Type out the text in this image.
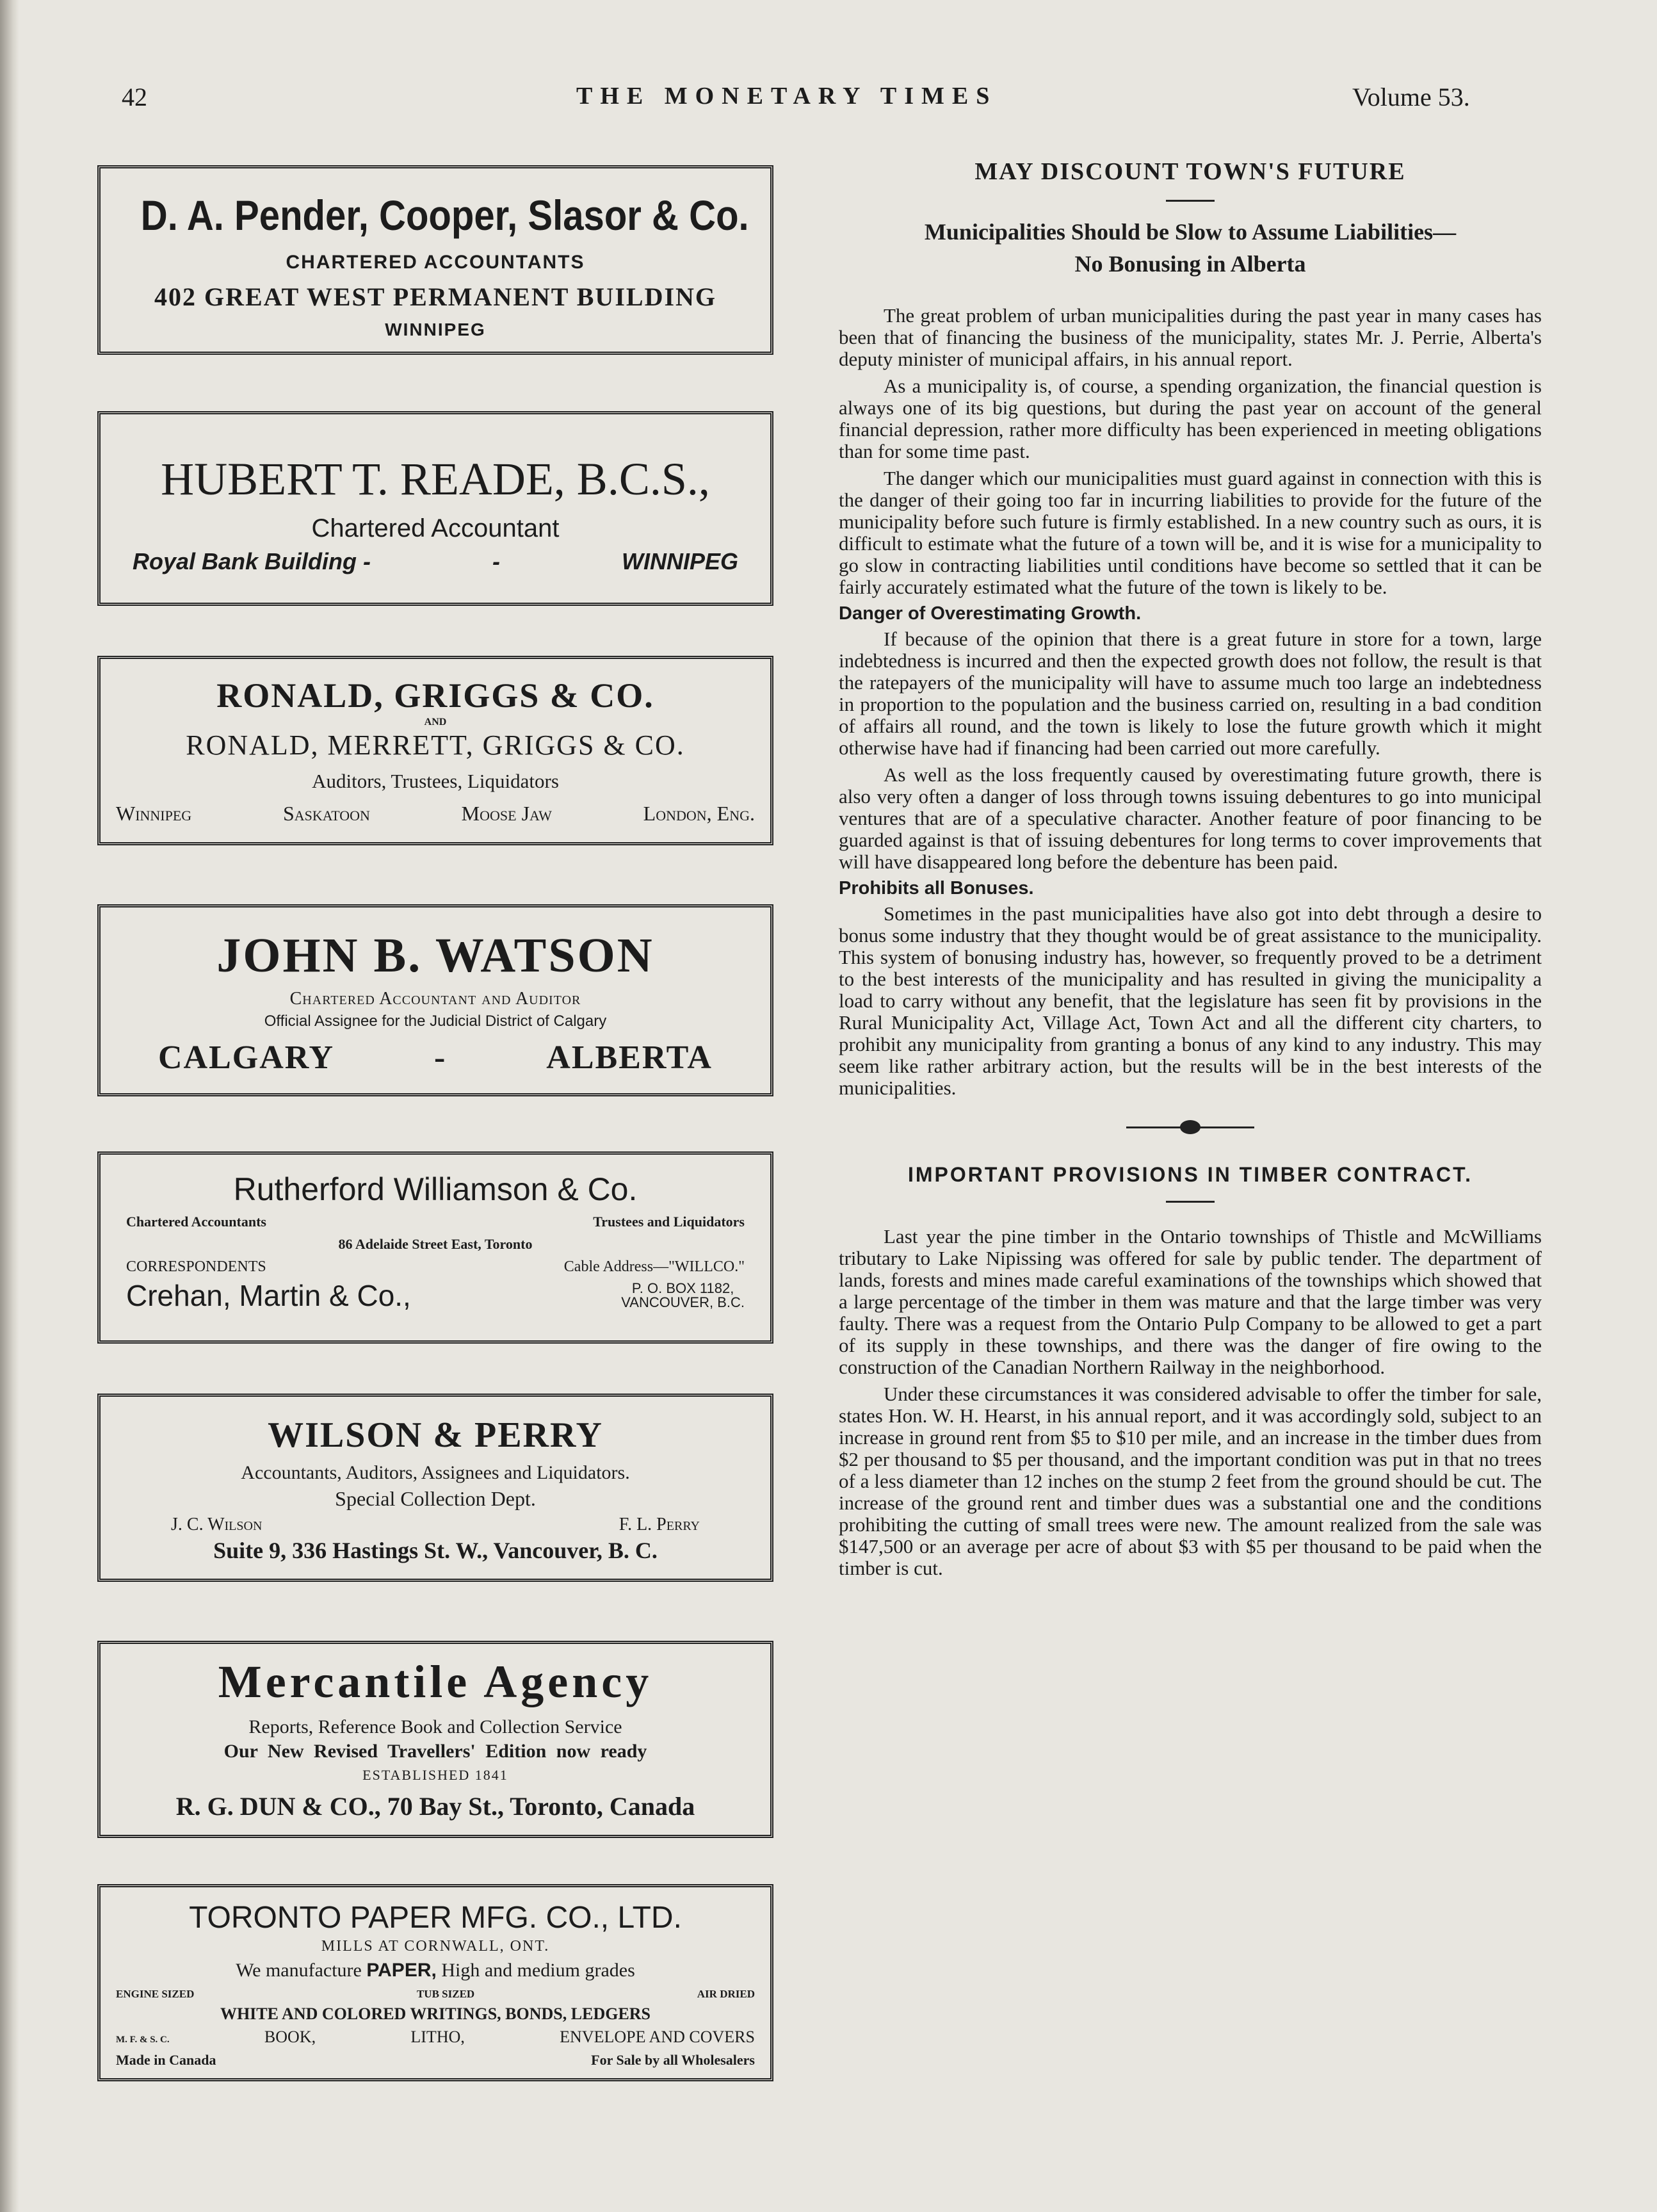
42	THE MONETARY TIMES	Volume 53.
D. A. Pender, Cooper, Slasor & Co.
CHARTERED ACCOUNTANTS
402 GREAT WEST PERMANENT BUILDING
WINNIPEG
HUBERT T. READE, B.C.S.,
Chartered Accountant
Royal Bank Building -	-	WINNIPEG
RONALD, GRIGGS & CO.
AND
RONALD, MERRETT, GRIGGS & CO.
Auditors, Trustees, Liquidators
Winnipeg	Saskatoon	Moose Jaw	London, Eng.
JOHN B. WATSON
Chartered Accountant and Auditor
Official Assignee for the Judicial District of Calgary
CALGARY	-	ALBERTA
Rutherford Williamson & Co.
Chartered Accountants	Trustees and Liquidators
86 Adelaide Street East, Toronto
CORRESPONDENTS	Cable Address—"WILLCO."
Crehan, Martin & Co.,	P. O. BOX 1182,
VANCOUVER, B.C.
WILSON & PERRY
Accountants, Auditors, Assignees and Liquidators.
Special Collection Dept.
J. C. Wilson	F. L. Perry
Suite 9, 336 Hastings St. W., Vancouver, B. C.
Mercantile Agency
Reports, Reference Book and Collection Service
Our New Revised Travellers' Edition now ready
ESTABLISHED 1841
R. G. DUN & CO., 70 Bay St., Toronto, Canada
TORONTO PAPER MFG. CO., LTD.
MILLS AT CORNWALL, ONT.
We manufacture PAPER, High and medium grades
ENGINE SIZED	TUB SIZED	AIR DRIED
WHITE AND COLORED WRITINGS, BONDS, LEDGERS
M. F. & S. C.	BOOK,	LITHO,	ENVELOPE AND COVERS
Made in Canada	For Sale by all Wholesalers
MAY DISCOUNT TOWN'S FUTURE
Municipalities Should be Slow to Assume Liabilities—
No Bonusing in Alberta

The great problem of urban municipalities during the past year in many cases has been that of financing the business of the municipality, states Mr. J. Perrie, Alberta's deputy minister of municipal affairs, in his annual report.

As a municipality is, of course, a spending organization, the financial question is always one of its big questions, but during the past year on account of the general financial depression, rather more difficulty has been experienced in meeting obligations than for some time past.

The danger which our municipalities must guard against in connection with this is the danger of their going too far in incurring liabilities to provide for the future of the municipality before such future is firmly established. In a new country such as ours, it is difficult to estimate what the future of a town will be, and it is wise for a municipality to go slow in contracting liabilities until conditions have become so settled that it can be fairly accurately estimated what the future of the town is likely to be.

Danger of Overestimating Growth.

If because of the opinion that there is a great future in store for a town, large indebtedness is incurred and then the expected growth does not follow, the result is that the ratepayers of the municipality will have to assume much too large an indebtedness in proportion to the population and the business carried on, resulting in a bad condition of affairs all round, and the town is likely to lose the future growth which it might otherwise have had if financing had been carried out more carefully.

As well as the loss frequently caused by overestimating future growth, there is also very often a danger of loss through towns issuing debentures to go into municipal ventures that are of a speculative character. Another feature of poor financing to be guarded against is that of issuing debentures for long terms to cover improvements that will have disappeared long before the debenture has been paid.

Prohibits all Bonuses.

Sometimes in the past municipalities have also got into debt through a desire to bonus some industry that they thought would be of great assistance to the municipality. This system of bonusing industry has, however, so frequently proved to be a detriment to the best interests of the municipality and has resulted in giving the municipality a load to carry without any benefit, that the legislature has seen fit by provisions in the Rural Municipality Act, Village Act, Town Act and all the different city charters, to prohibit any municipality from granting a bonus of any kind to any industry. This may seem like rather arbitrary action, but the results will be in the best interests of the municipalities.

IMPORTANT PROVISIONS IN TIMBER CONTRACT.

Last year the pine timber in the Ontario townships of Thistle and McWilliams tributary to Lake Nipissing was offered for sale by public tender. The department of lands, forests and mines made careful examinations of the townships which showed that a large percentage of the timber in them was mature and that the large timber was very faulty. There was a request from the Ontario Pulp Company to be allowed to get a part of its supply in these townships, and there was the danger of fire owing to the construction of the Canadian Northern Railway in the neighborhood.

Under these circumstances it was considered advisable to offer the timber for sale, states Hon. W. H. Hearst, in his annual report, and it was accordingly sold, subject to an increase in ground rent from $5 to $10 per mile, and an increase in the timber dues from $2 per thousand to $5 per thousand, and the important condition was put in that no trees of a less diameter than 12 inches on the stump 2 feet from the ground should be cut. The increase of the ground rent and timber dues was a substantial one and the conditions prohibiting the cutting of small trees were new. The amount realized from the sale was $147,500 or an average per acre of about $3 with $5 per thousand to be paid when the timber is cut.
